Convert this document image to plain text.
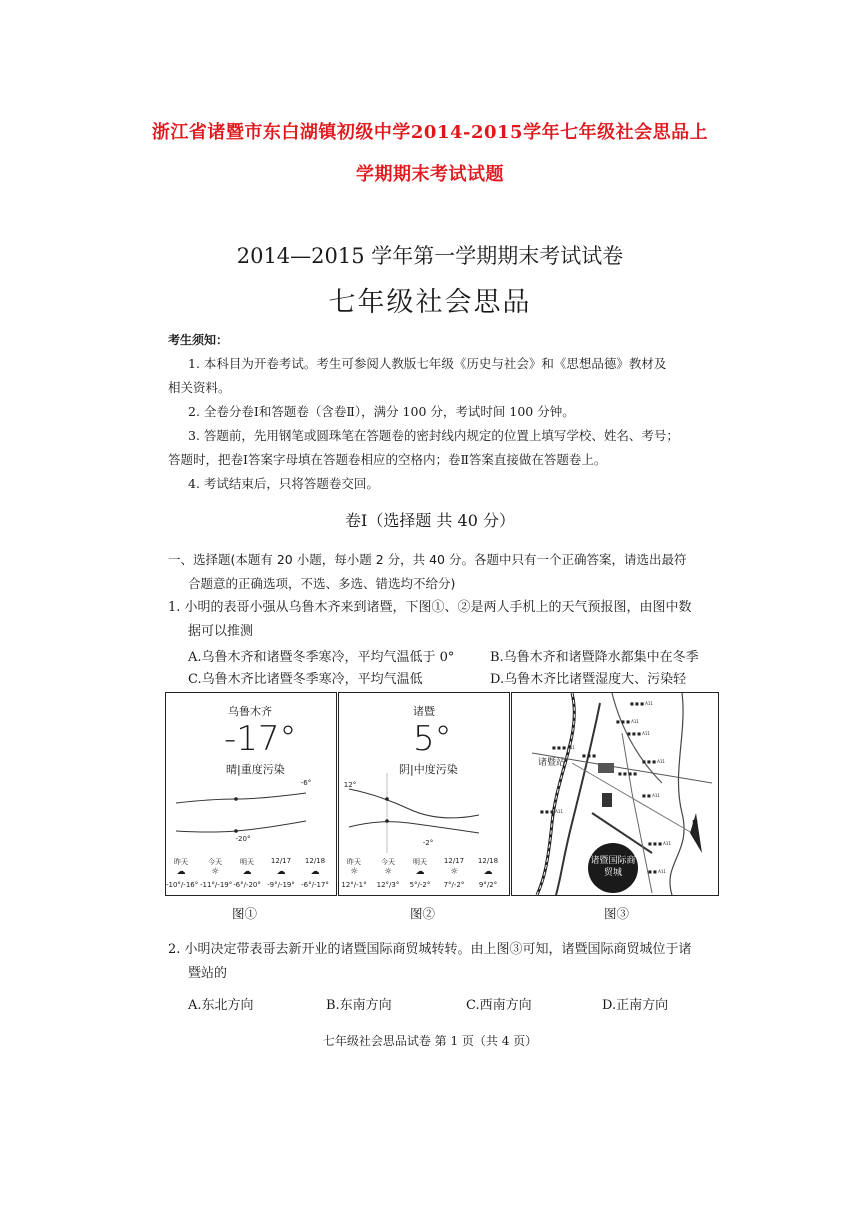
浙江省诸暨市东白湖镇初级中学2014-2015学年七年级社会思品上
学期期末考试试题
2014—2015 学年第一学期期末考试试卷
七年级社会思品
考生须知：
1. 本科目为开卷考试。考生可参阅人教版七年级《历史与社会》和《思想品德》教材及
相关资料。
2. 全卷分卷Ⅰ和答题卷（含卷Ⅱ），满分 100 分，考试时间 100 分钟。
3. 答题前，先用钢笔或圆珠笔在答题卷的密封线内规定的位置上填写学校、姓名、考号；
答题时，把卷Ⅰ答案字母填在答题卷相应的空格内；卷Ⅱ答案直接做在答题卷上。
4. 考试结束后，只将答题卷交回。
卷Ⅰ（选择题 共 40 分）
一、选择题(本题有 20 小题，每小题 2 分，共 40 分。各题中只有一个正确答案，请选出最符
合题意的正确选项，不选、多选、错选均不给分)
1. 小明的表哥小强从乌鲁木齐来到诸暨，下图①、②是两人手机上的天气预报图，由图中数
据可以推测
A.乌鲁木齐和诸暨冬季寒冷，平均气温低于 0°	B.乌鲁木齐和诸暨降水都集中在冬季
C.乌鲁木齐比诸暨冬季寒冷，平均气温低	D.乌鲁木齐比诸暨湿度大、污染轻
乌鲁木齐
-17°
晴|重度污染
-6°
-20°
昨天	今天	明天	12/17	12/18
☁	☼	☁	☁	☁
-10°/-16° -11°/-19° -6°/-20° -9°/-19° -6°/-17°
诸暨
5°
阴|中度污染
12°
-2°
昨天	今天	明天	12/17	12/18
☼	☼	☁	☼	☁
12°/-1°	12°/3°	5°/-2°	7°/-2°	9°/2°
■ ■ ■ A11
■ ■ ■ A11
■ ■ ■ A11
■ ■ ■ A11
■ ■ ■ A11
■ ■ ■
■ ■ ■ ■
■ ■ ■ A11
■ ■ A11
■ ■ ■ A11
■ ■ A11
诸暨站
N
诸暨国际商贸城
图①	图②	图③
2. 小明决定带表哥去新开业的诸暨国际商贸城转转。由上图③可知，诸暨国际商贸城位于诸
暨站的
A.东北方向	B.东南方向	C.西南方向	D.正南方向
七年级社会思品试卷 第 1 页（共 4 页）
